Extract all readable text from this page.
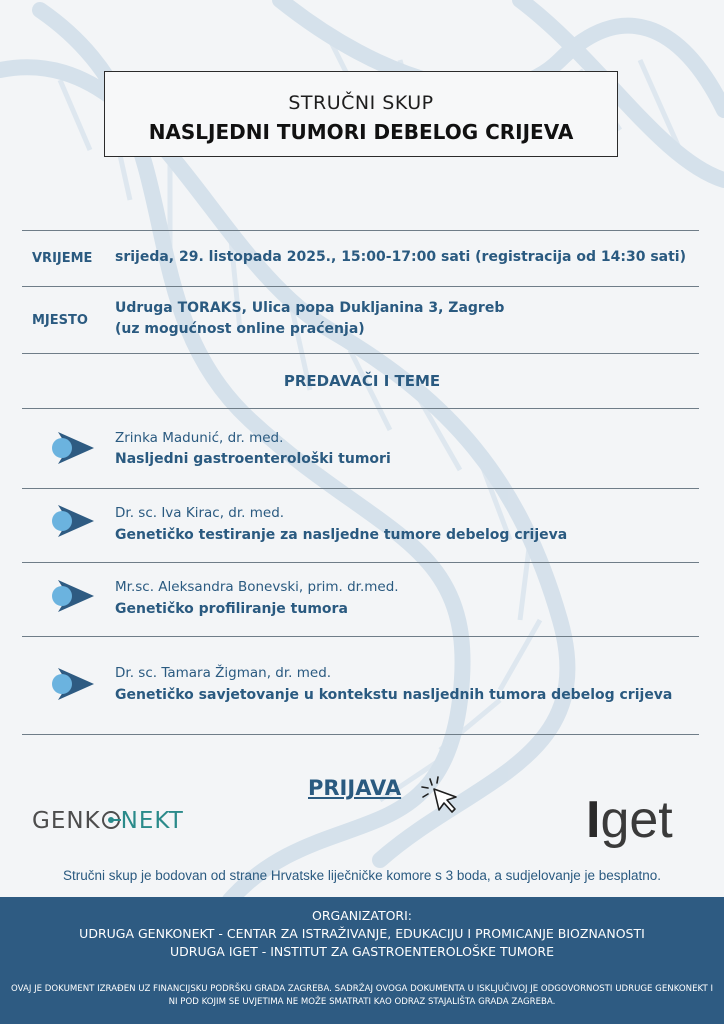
STRUČNI SKUP
NASLJEDNI TUMORI DEBELOG CRIJEVA
VRIJEME srijeda, 29. listopada 2025., 15:00-17:00 sati (registracija od 14:30 sati)
MJESTO
Udruga TORAKS, Ulica popa Dukljanina 3, Zagreb
(uz mogućnost online praćenja)
PREDAVAČI I TEME
Zrinka Madunić, dr. med.
Nasljedni gastroenterološki tumori
Dr. sc. Iva Kirac, dr. med.
Genetičko testiranje za nasljedne tumore debelog crijeva
Mr.sc. Aleksandra Bonevski, prim. dr.med.
Genetičko profiliranje tumora
Dr. sc. Tamara Žigman, dr. med.
Genetičko savjetovanje u kontekstu nasljednih tumora debelog crijeva
PRIJAVA
GENK NEKT	Iget
Stručni skup je bodovan od strane Hrvatske liječničke komore s 3 boda, a sudjelovanje je besplatno.
ORGANIZATORI:
UDRUGA GENKONEKT - CENTAR ZA ISTRAŽIVANJE, EDUKACIJU I PROMICANJE BIOZNANOSTI
UDRUGA IGET - INSTITUT ZA GASTROENTEROLOŠKE TUMORE
OVAJ JE DOKUMENT IZRAĐEN UZ FINANCIJSKU PODRŠKU GRADA ZAGREBA. SADRŽAJ OVOGA DOKUMENTA U ISKLJUČIVOJ JE ODGOVORNOSTI UDRUGE GENKONEKT I NI POD KOJIM SE UVJETIMA NE MOŽE SMATRATI KAO ODRAZ STAJALIŠTA GRADA ZAGREBA.
